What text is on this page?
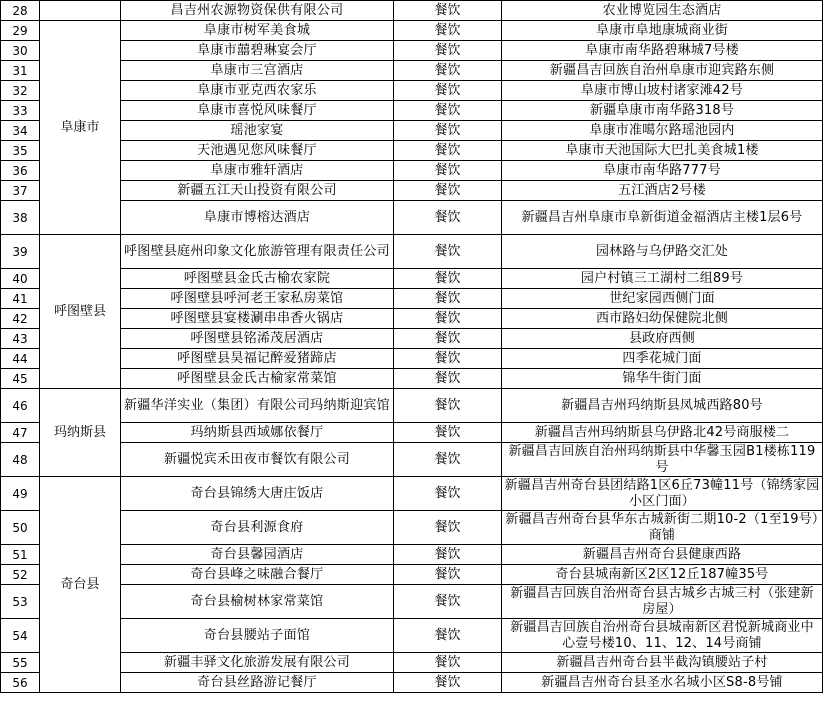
28		昌吉州农源物资保供有限公司	餐饮	农业博览园生态酒店
29	阜康市	阜康市树军美食城	餐饮	阜康市阜地康城商业街
30		阜康市囍碧琳宴会厅	餐饮	阜康市南华路碧琳城7号楼
31		阜康市三宫酒店	餐饮	新疆昌吉回族自治州阜康市迎宾路东侧
32		阜康市亚克西农家乐	餐饮	阜康市博山坡村诸家滩42号
33		阜康市喜悦风味餐厅	餐饮	新疆阜康市南华路318号
34		瑶池家宴	餐饮	阜康市准噶尔路瑶池园内
35		天池遇见您风味餐厅	餐饮	阜康市天池国际大巴扎美食城1楼
36		阜康市雅轩酒店	餐饮	阜康市南华路777号
37		新疆五江天山投资有限公司	餐饮	五江酒店2号楼
38		阜康市博榕达酒店	餐饮	新疆昌吉州阜康市阜新街道金福酒店主楼1层6号
39	呼图壁县	呼图壁县庭州印象文化旅游管理有限责任公司	餐饮	园林路与乌伊路交汇处
40		呼图壁县金氏古榆农家院	餐饮	园户村镇三工湖村二组89号
41		呼图壁县呼河老王家私房菜馆	餐饮	世纪家园西侧门面
42		呼图壁县宴楼涮串串香火锅店	餐饮	西市路妇幼保健院北侧
43		呼图壁县铭浠茂居酒店	餐饮	县政府西侧
44		呼图壁县昊福记醉爱猪蹄店	餐饮	四季花城门面
45		呼图壁县金氏古榆家常菜馆	餐饮	锦华牛街门面
46	玛纳斯县	新疆华洋实业（集团）有限公司玛纳斯迎宾馆	餐饮	新疆昌吉州玛纳斯县凤城西路80号
47		玛纳斯县西域娜依餐厅	餐饮	新疆昌吉州玛纳斯县乌伊路北42号商服楼二
48		新疆悦宾禾田夜市餐饮有限公司	餐饮	新疆昌吉回族自治州玛纳斯县中华馨玉园B1楼栋119号
49	奇台县	奇台县锦绣大唐庄饭店	餐饮	新疆昌吉州奇台县团结路1区6丘73幢11号（锦绣家园小区门面）
50		奇台县利源食府	餐饮	新疆昌吉州奇台县华东古城新街二期10-2（1至19号）商铺
51		奇台县馨园酒店	餐饮	新疆昌吉州奇台县健康西路
52		奇台县峰之味融合餐厅	餐饮	奇台县城南新区2区12丘187幢35号
53		奇台县榆树林家常菜馆	餐饮	新疆昌吉回族自治州奇台县古城乡古城三村（张建新房屋）
54		奇台县腰站子面馆	餐饮	新疆昌吉回族自治州奇台县城南新区君悦新城商业中心壹号楼10、11、12、14号商铺
55		新疆丰驿文化旅游发展有限公司	餐饮	新疆昌吉州奇台县半截沟镇腰站子村
56		奇台县丝路游记餐厅	餐饮	新疆昌吉州奇台县圣水名城小区S8-8号铺
